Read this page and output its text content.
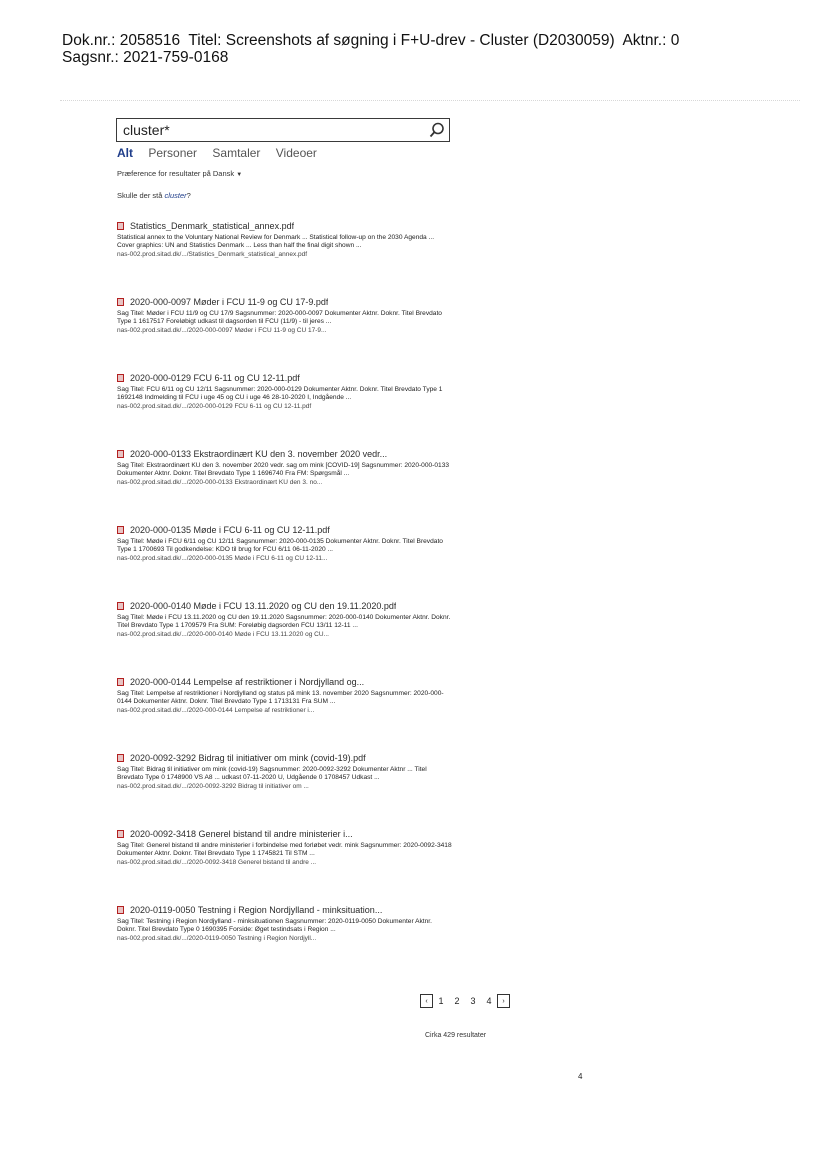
Dok.nr.: 2058516 Titel: Screenshots af søgning i F+U-drev - Cluster (D2030059) Aktnr.: 0  Sagsnr.: 2021-759-0168
cluster*
Alt Personer Samtaler Videoer
Præference for resultater på Dansk ▼
Skulle der stå cluster?
Statistics_Denmark_statistical_annex.pdf
Statistical annex to the Voluntary National Review for Denmark ... Statistical follow-up on the 2030 Agenda ... Cover graphics: UN and Statistics Denmark ... Less than half the final digit shown ...
nas-002.prod.sitad.dk/.../Statistics_Denmark_statistical_annex.pdf
2020-000-0097 Møder i FCU 11-9 og CU 17-9.pdf
Sag Titel: Møder i FCU 11/9 og CU 17/9 Sagsnummer: 2020-000-0097 Dokumenter Aktnr. Doknr. Titel Brevdato Type 1 1617517 Foreløbigt udkast til dagsorden til FCU (11/9) - til jeres ...
nas-002.prod.sitad.dk/.../2020-000-0097 Møder i FCU 11-9 og CU 17-9...
2020-000-0129 FCU 6-11 og CU 12-11.pdf
Sag Titel: FCU 6/11 og CU 12/11 Sagsnummer: 2020-000-0129 Dokumenter Aktnr. Doknr. Titel Brevdato Type 1 1692148 Indmelding til FCU i uge 45 og CU i uge 46 28-10-2020 I, Indgående ...
nas-002.prod.sitad.dk/.../2020-000-0129 FCU 6-11 og CU 12-11.pdf
2020-000-0133 Ekstraordinært KU den 3. november 2020 vedr...
Sag Titel: Ekstraordinært KU den 3. november 2020 vedr. sag om mink [COVID-19] Sagsnummer: 2020-000-0133 Dokumenter Aktnr. Doknr. Titel Brevdato Type 1 1696740 Fra FM: Spørgsmål ...
nas-002.prod.sitad.dk/.../2020-000-0133 Ekstraordinært KU den 3. no...
2020-000-0135 Møde i FCU 6-11 og CU 12-11.pdf
Sag Titel: Møde i FCU 6/11 og CU 12/11 Sagsnummer: 2020-000-0135 Dokumenter Aktnr. Doknr. Titel Brevdato Type 1 1700693 Til godkendelse: KDO til brug for FCU 6/11 06-11-2020 ...
nas-002.prod.sitad.dk/.../2020-000-0135 Møde i FCU 6-11 og CU 12-11...
2020-000-0140 Møde i FCU 13.11.2020 og CU den 19.11.2020.pdf
Sag Titel: Møde i FCU 13.11.2020 og CU den 19.11.2020 Sagsnummer: 2020-000-0140 Dokumenter Aktnr. Doknr. Titel Brevdato Type 1 1709579 Fra SUM: Foreløbig dagsorden FCU 13/11 12-11 ...
nas-002.prod.sitad.dk/.../2020-000-0140 Møde i FCU 13.11.2020 og CU...
2020-000-0144 Lempelse af restriktioner i Nordjylland og...
Sag Titel: Lempelse af restriktioner i Nordjylland og status på mink 13. november 2020 Sagsnummer: 2020-000-0144 Dokumenter Aktnr. Doknr. Titel Brevdato Type 1 1713131 Fra SUM ...
nas-002.prod.sitad.dk/.../2020-000-0144 Lempelse af restriktioner i...
2020-0092-3292 Bidrag til initiativer om mink (covid-19).pdf
Sag Titel: Bidrag til initiativer om mink (covid-19) Sagsnummer: 2020-0092-3292 Dokumenter Aktnr ... Titel Brevdato Type 0 1748900 VS A8 ... udkast 07-11-2020 U, Udgående 0 1708457 Udkast ...
nas-002.prod.sitad.dk/.../2020-0092-3292 Bidrag til initiativer om ...
2020-0092-3418 Generel bistand til andre ministerier i...
Sag Titel: Generel bistand til andre ministerier i forbindelse med forløbet vedr. mink Sagsnummer: 2020-0092-3418 Dokumenter Aktnr. Doknr. Titel Brevdato Type 1 1745821 Til STM ...
nas-002.prod.sitad.dk/.../2020-0092-3418 Generel bistand til andre ...
2020-0119-0050 Testning i Region Nordjylland - minksituation...
Sag Titel: Testning i Region Nordjylland - minksituationen Sagsnummer: 2020-0119-0050 Dokumenter Aktnr. Doknr. Titel Brevdato Type 0 1690395 Forside: Øget testindsats i Region ...
nas-002.prod.sitad.dk/.../2020-0119-0050 Testning i Region Nordjyll...
‹	1	2	3	4	›
Cirka 429 resultater
4
